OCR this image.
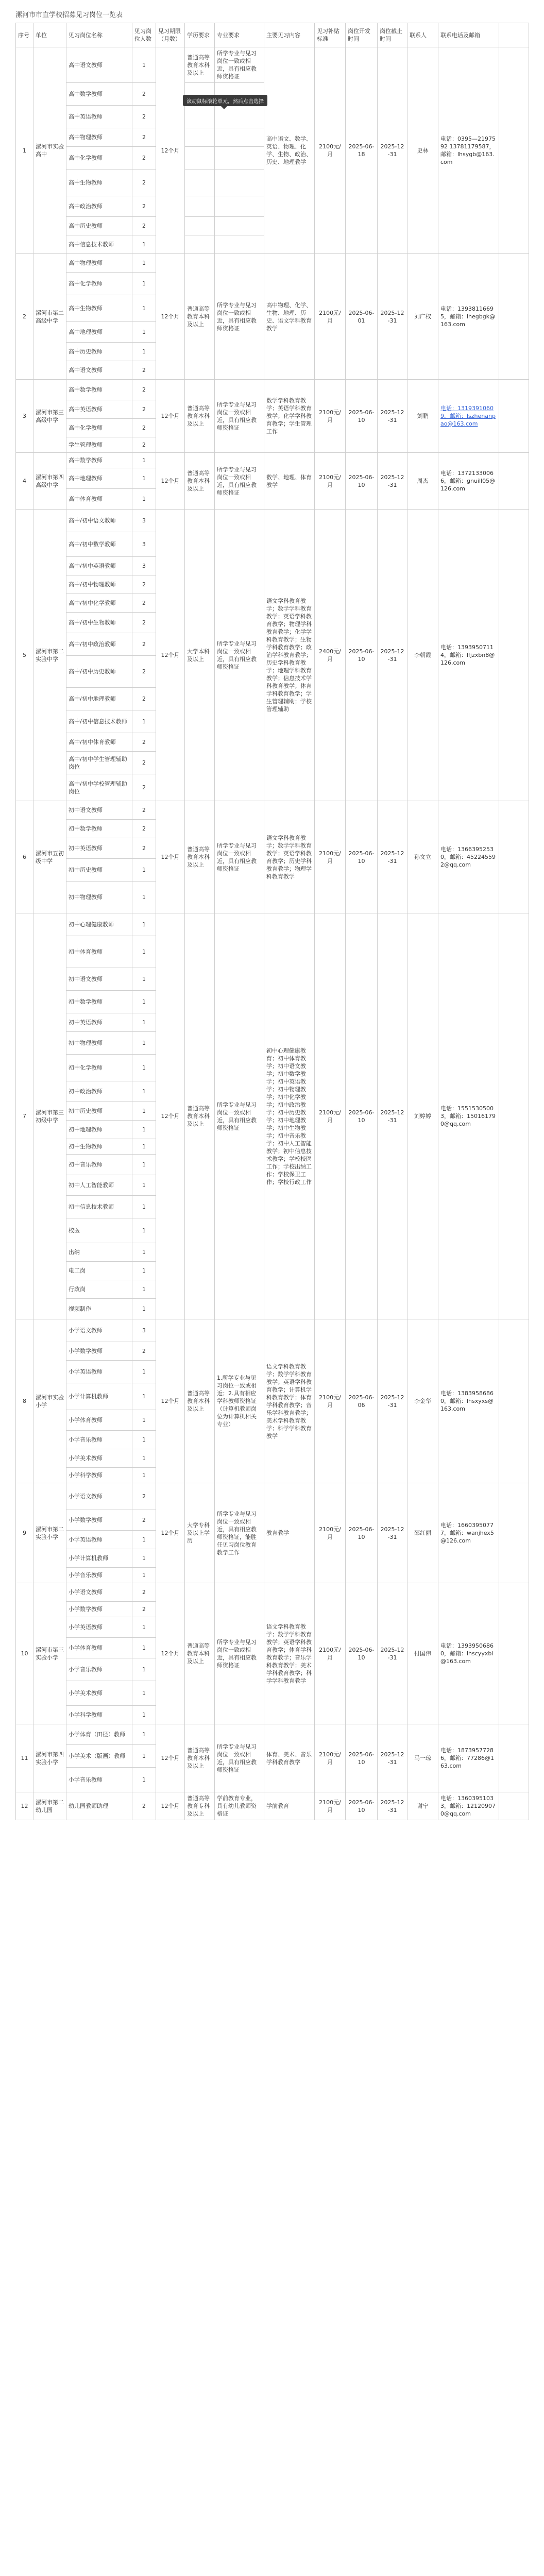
漯河市市直学校招募见习岗位一览表
序号	单位	见习岗位名称	见习岗位人数	见习期限（月数）	学历要求	专业要求	主要见习内容	见习补贴标准	岗位开发时间	岗位截止时间	联系人	联系电话及邮箱	
1	漯河市实验高中	高中语文教师	1	12个月	普通高等教育本科及以上	所学专业与见习岗位一致或相近，具有相应教师资格证	高中语文、数学、英语、物理、化学、生物、政治、历史、地理教学	2100元/月	2025-06-18	2025-12-31	史林	电话：0395—2197592 13781179587，邮箱：lhsygb@163.com	
		高中数学教师	2										
		高中英语教师	2										
		高中物理教师	2										
		高中化学教师	2										
		高中生物教师	2										
		高中政治教师	2										
		高中历史教师	2										
		高中信息技术教师	1										
2	漯河市第二高级中学	高中物理教师	1	12个月	普通高等教育本科及以上	所学专业与见习岗位一致或相近，具有相应教师资格证	高中物理、化学、生物、地理、历史、语文学科教育教学	2100元/月	2025-06-01	2025-12-31	刘广权	电话：13938116695，邮箱：lhegbgk@163.com	
		高中化学教师	1										
		高中生物教师	1										
		高中地理教师	1										
		高中历史教师	1										
		高中语文教师	2										
3	漯河市第三高级中学	高中数学教师	2	12个月	普通高等教育本科及以上	所学专业与见习岗位一致或相近，具有相应教师资格证	数学学科教育教学；英语学科教育教学；化学学科教育教学；学生管理工作	2100元/月	2025-06-10	2025-12-31	刘鹏	电话：13193910609，邮箱：lszhenanpao@163.com	
		高中英语教师	2										
		高中化学教师	2										
		学生管理教师	2										
4	漯河市第四高级中学	高中数学教师	1	12个月	普通高等教育本科及以上	所学专业与见习岗位一致或相近，具有相应教师资格证	数学、地理、体育教学	2100元/月	2025-06-10	2025-12-31	周杰	电话：13721330066，邮箱：gnuill05@126.com	
		高中地理教师	1										
		高中体育教师	1										
5	漯河市第二实验中学	高中/初中语文教师	3	12个月	大学本科及以上	所学专业与见习岗位一致或相近，具有相应教师资格证	语文学科教育教学；数学学科教育教学；英语学科教育教学；物理学科教育教学；化学学科教育教学；生物学科教育教学；政治学科教育教学；历史学科教育教学；地理学科教育教学；信息技术学科教育教学；体育学科教育教学；学生管理辅助；学校管理辅助	2400元/月	2025-06-10	2025-12-31	李朝霞	电话：13939507114，邮箱：lfjzxbn8@126.com	
		高中/初中数学教师	3										
		高中/初中英语教师	3										
		高中/初中物理教师	2										
		高中/初中化学教师	2										
		高中/初中生物教师	2										
		高中/初中政治教师	2										
		高中/初中历史教师	2										
		高中/初中地理教师	2										
		高中/初中信息技术教师	1										
		高中/初中体育教师	2										
		高中/初中学生管理辅助岗位	2										
		高中/初中学校管理辅助岗位	2										
6	漯河市五初级中学	初中语文教师	2	12个月	普通高等教育本科及以上	所学专业与见习岗位一致或相近，具有相应教师资格证	语文学科教育教学；数学学科教育教学；英语学科教育教学；历史学科教育教学；物理学科教育教学	2100元/月	2025-06-10	2025-12-31	孙文立	电话：13663952530，邮箱：452245592@qq.com	
		初中数学教师	2										
		初中英语教师	2										
		初中历史教师	1										
		初中物理教师	1										
7	漯河市第三初级中学	初中心理健康教师	1	12个月	普通高等教育本科及以上	所学专业与见习岗位一致或相近，具有相应教师资格证	初中心理健康教育；初中体育教学；初中语文教学；初中数学教学；初中英语教学；初中物理教学；初中化学教学；初中政治教学；初中历史教学；初中地理教学；初中生物教学；初中音乐教学；初中人工智能教学；初中信息技术教学；学校校医工作；学校出纳工作；学校保卫工作；学校行政工作	2100元/月	2025-06-10	2025-12-31	刘婷婷	电话：15515305003，邮箱：150161790@qq.com	
		初中体育教师	1										
		初中语文教师	1										
		初中数学教师	1										
		初中英语教师	1										
		初中物理教师	1										
		初中化学教师	1										
		初中政治教师	1										
		初中历史教师	1										
		初中地理教师	1										
		初中生物教师	1										
		初中音乐教师	1										
		初中人工智能教师	1										
		初中信息技术教师	1										
		校医	1										
		出纳	1										
		电工岗	1										
		行政岗	1										
		视频制作	1										
8	漯河市实验小学	小学语文教师	3	12个月	普通高等教育本科及以上	1.所学专业与见习岗位一致或相近；2.具有相应学科教师资格证（计算机教师岗位为计算机相关专业）	语文学科教育教学；数学学科教育教学；英语学科教育教学；计算机学科教育教学；体育学科教育教学；音乐学科教育教学；美术学科教育教学；科学学科教育教学	2100元/月	2025-06-06	2025-12-31	李金华	电话：13839586860，邮箱：lhsxyxs@163.com	
		小学数学教师	2										
		小学英语教师	1										
		小学计算机教师	1										
		小学体育教师	1										
		小学音乐教师	1										
		小学美术教师	1										
		小学科学教师	1										
9	漯河市第二实验小学	小学语文教师	2	12个月	大学专科及以上学历	所学专业与见习岗位一致或相近，具有相应教师资格证，能胜任见习岗位教育教学工作	教育教学	2100元/月	2025-06-10	2025-12-31	邵红丽	电话：16603950777，邮箱：wanjhex5@126.com	
		小学数学教师	2										
		小学英语教师	1										
		小学计算机教师	1										
		小学音乐教师	1										
10	漯河市第三实验小学	小学语文教师	2	12个月	普通高等教育本科及以上	所学专业与见习岗位一致或相近，具有相应教师资格证	语文学科教育教学；数学学科教育教学；英语学科教育教学；体育学科教育教学；音乐学科教育教学；美术学科教育教学；科学学科教育教学	2100元/月	2025-06-10	2025-12-31	付国伟	电话：13939506860，邮箱：lhscyyxbi@163.com	
		小学数学教师	2										
		小学英语教师	1										
		小学体育教师	1										
		小学音乐教师	1										
		小学美术教师	1										
		小学科学教师	1										
11	漯河市第四实验小学	小学体育（田径）教师	1	12个月	普通高等教育本科及以上	所学专业与见习岗位一致或相近，具有相应教师资格证	体育、美术、音乐学科教育教学	2100元/月	2025-06-10	2025-12-31	马一琼	电话：18739577286，邮箱：77286@163.com	
		小学美术（版画）教师	1										
		小学音乐教师	1										
12	漯河市第二幼儿园	幼儿园教师助理	2	12个月	普通高等教育专科及以上	学前教育专业，具有幼儿教师资格证	学前教育	2100元/月	2025-06-10	2025-12-31	谢宁	电话：13603951033，邮箱：121209070@qq.com	
滚动鼠标滚轮单元，然后点击选择
